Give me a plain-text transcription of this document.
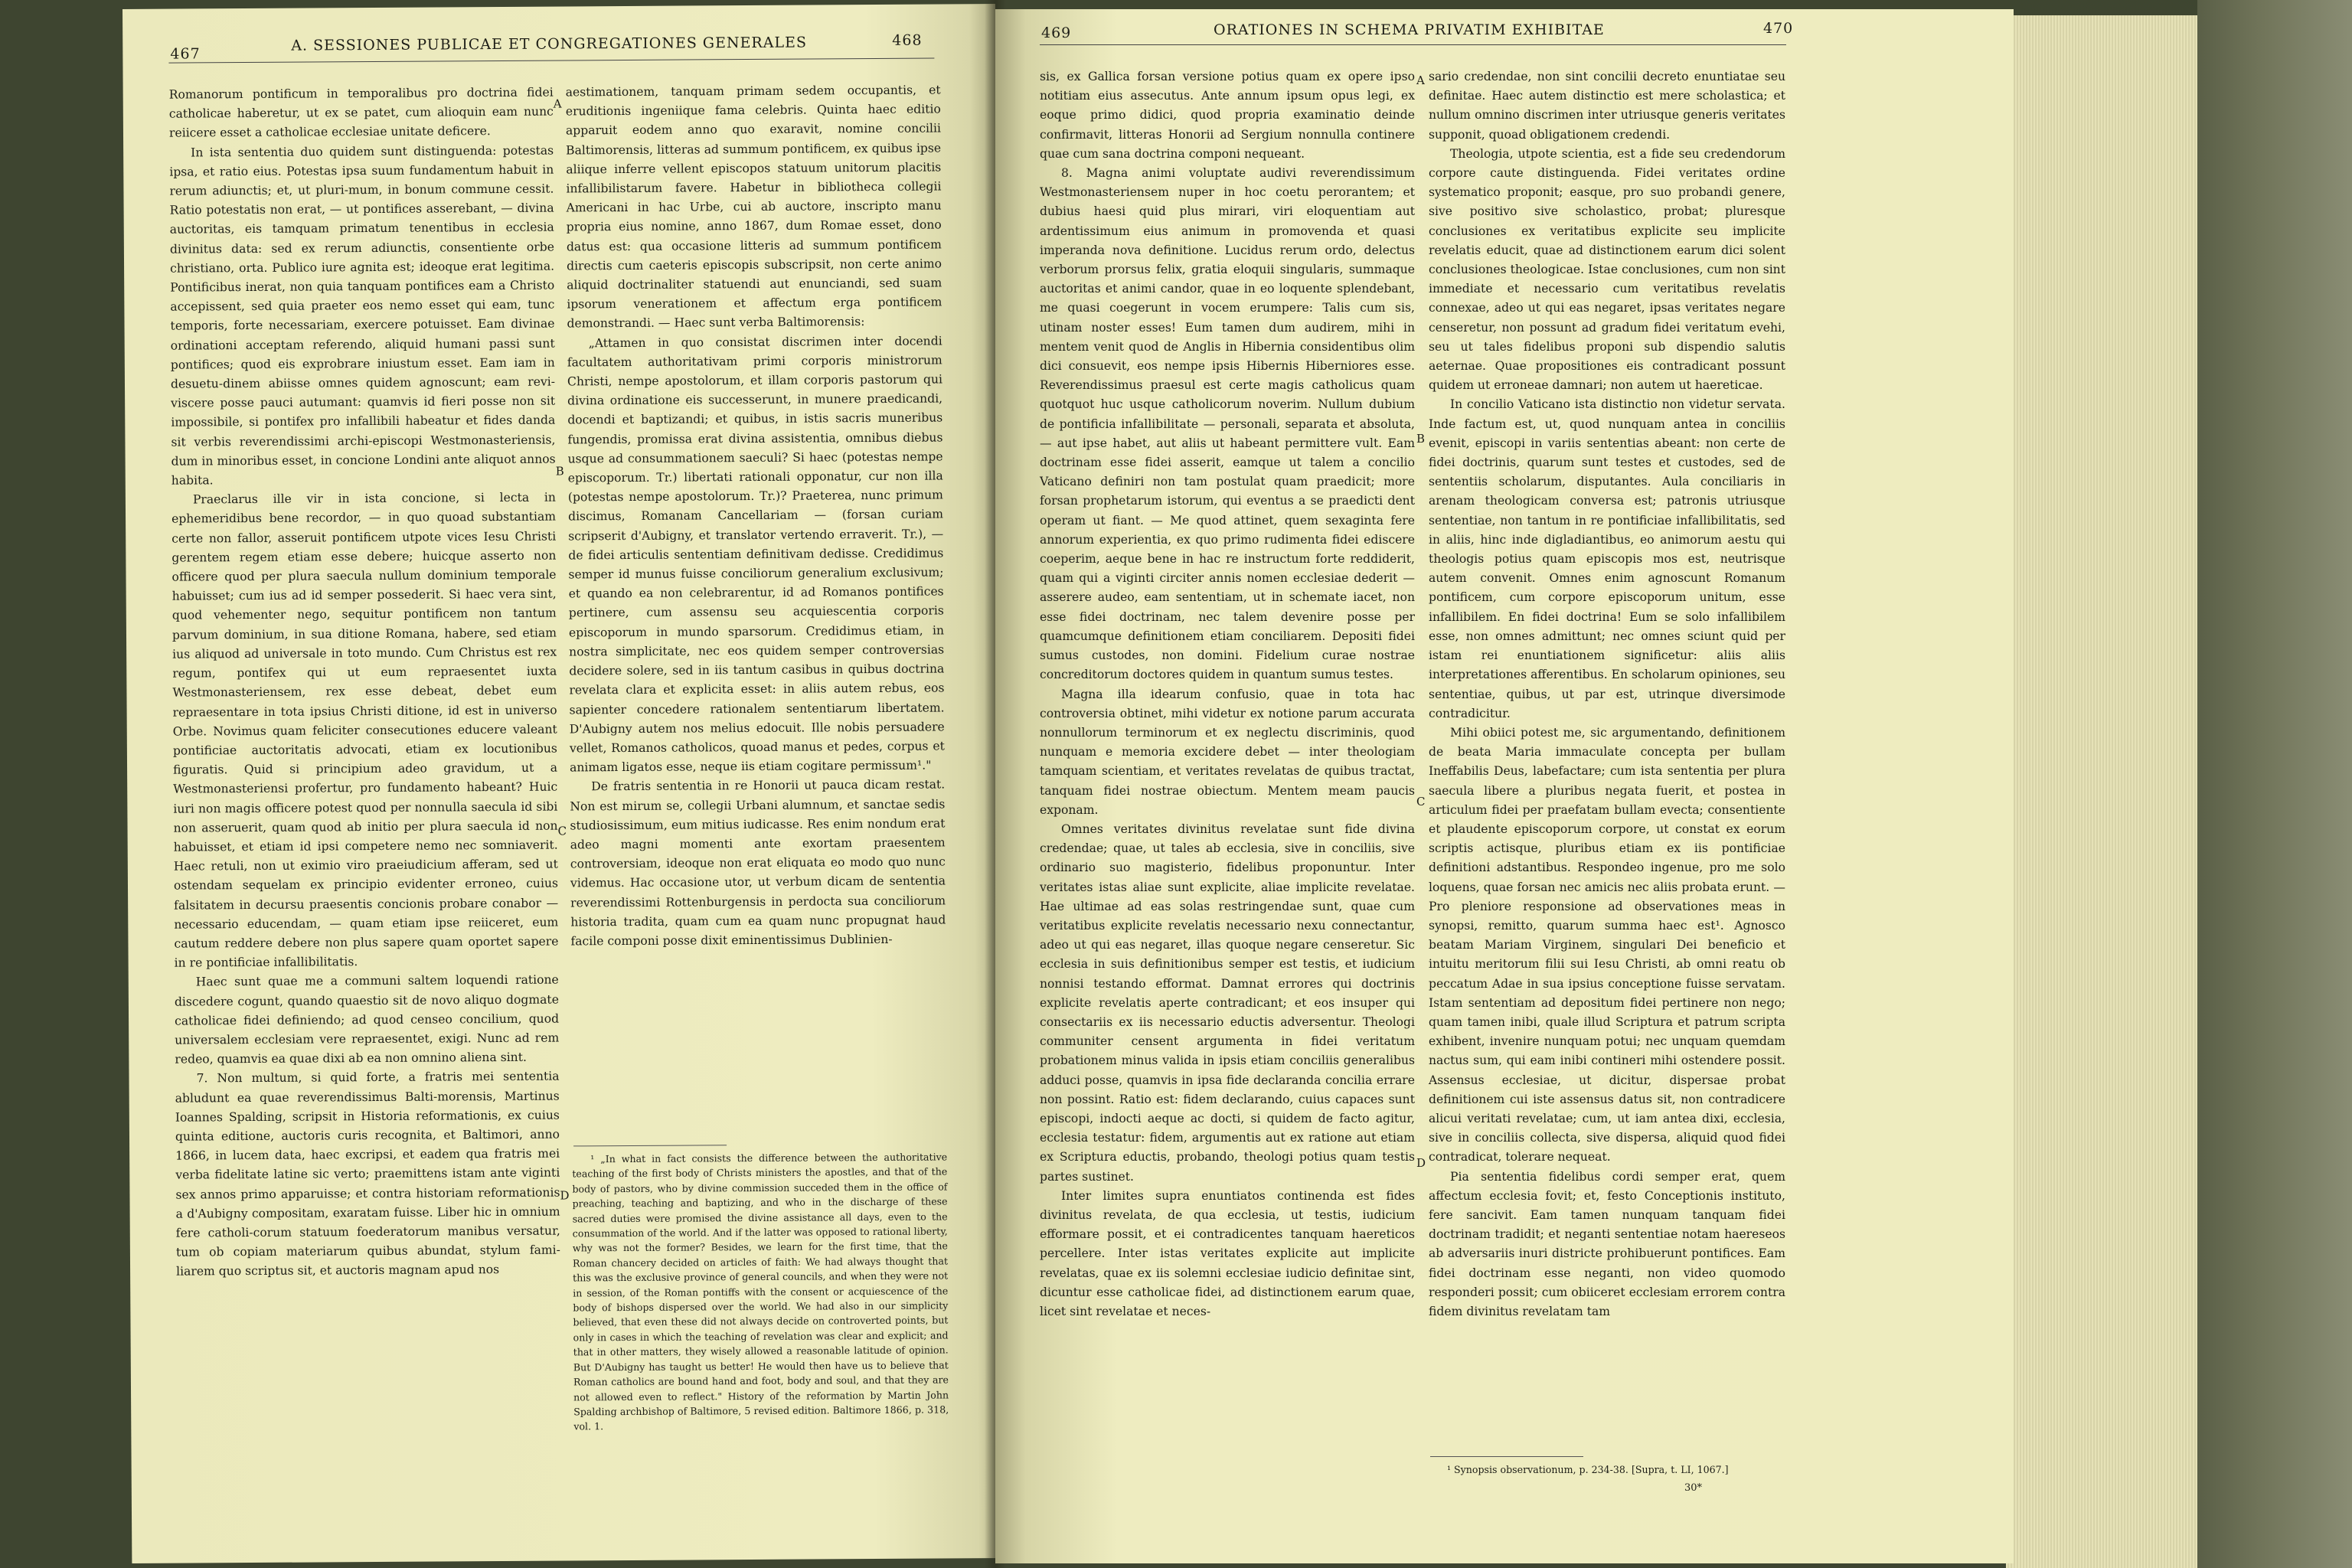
467	A. SESSIONES PUBLICAE ET CONGREGATIONES GENERALES	468

Romanorum pontificum in temporalibus pro doctrina fidei catholicae haberetur, ut ex se patet, cum alioquin eam nunc reiicere esset a catholicae ecclesiae unitate deficere.

In ista sententia duo quidem sunt distinguenda: potestas ipsa, et ratio eius. Potestas ipsa suum fundamentum habuit in rerum adiunctis; et, ut pluri-mum, in bonum commune cessit. Ratio potestatis non erat, — ut pontifices asserebant, — divina auctoritas, eis tamquam primatum tenentibus in ecclesia divinitus data: sed ex rerum adiunctis, consentiente orbe christiano, orta. Publico iure agnita est; ideoque erat legitima. Pontificibus inerat, non quia tanquam pontifices eam a Christo accepissent, sed quia praeter eos nemo esset qui eam, tunc temporis, forte necessariam, exercere potuisset. Eam divinae ordinationi acceptam referendo, aliquid humani passi sunt pontifices; quod eis exprobrare iniustum esset. Eam iam in desuetu-dinem abiisse omnes quidem agnoscunt; eam revi-viscere posse pauci autumant: quamvis id fieri posse non sit impossibile, si pontifex pro infallibili habeatur et fides danda sit verbis reverendissimi archi-episcopi Westmonasteriensis, dum in minoribus esset, in concione Londini ante aliquot annos habita.

Praeclarus ille vir in ista concione, si lecta in ephemeridibus bene recordor, — in quo quoad substantiam certe non fallor, asseruit pontificem utpote vices Iesu Christi gerentem regem etiam esse debere; huicque asserto non officere quod per plura saecula nullum dominium temporale habuisset; cum ius ad id semper possederit. Si haec vera sint, quod vehementer nego, sequitur pontificem non tantum parvum dominium, in sua ditione Romana, habere, sed etiam ius aliquod ad universale in toto mundo. Cum Christus est rex regum, pontifex qui ut eum repraesentet iuxta Westmonasteriensem, rex esse debeat, debet eum repraesentare in tota ipsius Christi ditione, id est in universo Orbe. Novimus quam feliciter consecutiones educere valeant pontificiae auctoritatis advocati, etiam ex locutionibus figuratis. Quid si principium adeo gravidum, ut a Westmonasteriensi profertur, pro fundamento habeant? Huic iuri non magis officere potest quod per nonnulla saecula id sibi non asseruerit, quam quod ab initio per plura saecula id non habuisset, et etiam id ipsi competere nemo nec somniaverit. Haec retuli, non ut eximio viro praeiudicium afferam, sed ut ostendam sequelam ex principio evidenter erroneo, cuius falsitatem in decursu praesentis concionis probare conabor — necessario educendam, — quam etiam ipse reiiceret, eum cautum reddere debere non plus sapere quam oportet sapere in re pontificiae infallibilitatis.

Haec sunt quae me a communi saltem loquendi ratione discedere cogunt, quando quaestio sit de novo aliquo dogmate catholicae fidei definiendo; ad quod censeo concilium, quod universalem ecclesiam vere repraesentet, exigi. Nunc ad rem redeo, quamvis ea quae dixi ab ea non omnino aliena sint.

7. Non multum, si quid forte, a fratris mei sententia abludunt ea quae reverendissimus Balti-morensis, Martinus Ioannes Spalding, scripsit in Historia reformationis, ex cuius quinta editione, auctoris curis recognita, et Baltimori, anno 1866, in lucem data, haec excripsi, et eadem qua fratris mei verba fidelitate latine sic verto; praemittens istam ante viginti sex annos primo apparuisse; et contra historiam reformationis a d'Aubigny compositam, exaratam fuisse. Liber hic in omnium fere catholi-corum statuum foederatorum manibus versatur, tum ob copiam materiarum quibus abundat, stylum fami-liarem quo scriptus sit, et auctoris magnam apud nos

A
B
C
D

aestimationem, tanquam primam sedem occupantis, et eruditionis ingeniique fama celebris. Quinta haec editio apparuit eodem anno quo exaravit, nomine concilii Baltimorensis, litteras ad summum pontificem, ex quibus ipse aliique inferre vellent episcopos statuum unitorum placitis infallibilistarum favere. Habetur in bibliotheca collegii Americani in hac Urbe, cui ab auctore, inscripto manu propria eius nomine, anno 1867, dum Romae esset, dono datus est: qua occasione litteris ad summum pontificem directis cum caeteris episcopis subscripsit, non certe animo aliquid doctrinaliter statuendi aut enunciandi, sed suam ipsorum venerationem et affectum erga pontificem demonstrandi. — Haec sunt verba Baltimorensis:

„Attamen in quo consistat discrimen inter docendi facultatem authoritativam primi corporis ministrorum Christi, nempe apostolorum, et illam corporis pastorum qui divina ordinatione eis successerunt, in munere praedicandi, docendi et baptizandi; et quibus, in istis sacris muneribus fungendis, promissa erat divina assistentia, omnibus diebus usque ad consummationem saeculi? Si haec (potestas nempe episcoporum. Tr.) libertati rationali opponatur, cur non illa (potestas nempe apostolorum. Tr.)? Praeterea, nunc primum discimus, Romanam Cancellariam — (forsan curiam scripserit d'Aubigny, et translator vertendo erraverit. Tr.), — de fidei articulis sententiam definitivam dedisse. Credidimus semper id munus fuisse conciliorum generalium exclusivum; et quando ea non celebrarentur, id ad Romanos pontifices pertinere, cum assensu seu acquiescentia corporis episcoporum in mundo sparsorum. Credidimus etiam, in nostra simplicitate, nec eos quidem semper controversias decidere solere, sed in iis tantum casibus in quibus doctrina revelata clara et explicita esset: in aliis autem rebus, eos sapienter concedere rationalem sententiarum libertatem. D'Aubigny autem nos melius edocuit. Ille nobis persuadere vellet, Romanos catholicos, quoad manus et pedes, corpus et animam ligatos esse, neque iis etiam cogitare permissum¹."

De fratris sententia in re Honorii ut pauca dicam restat. Non est mirum se, collegii Urbani alumnum, et sanctae sedis studiosissimum, eum mitius iudicasse. Res enim nondum erat adeo magni momenti ante exortam praesentem controversiam, ideoque non erat eliquata eo modo quo nunc videmus. Hac occasione utor, ut verbum dicam de sententia reverendissimi Rottenburgensis in perdocta sua conciliorum historia tradita, quam cum ea quam nunc propugnat haud facile componi posse dixit eminentissimus Dublinien-

¹ „In what in fact consists the difference between the authoritative teaching of the first body of Christs ministers the apostles, and that of the body of pastors, who by divine commission succeded them in the office of preaching, teaching and baptizing, and who in the discharge of these sacred duties were promised the divine assistance all days, even to the consummation of the world. And if the latter was opposed to rational liberty, why was not the former? Besides, we learn for the first time, that the Roman chancery decided on articles of faith: We had always thought that this was the exclusive province of general councils, and when they were not in session, of the Roman pontiffs with the consent or acquiescence of the body of bishops dispersed over the world. We had also in our simplicity believed, that even these did not always decide on controverted points, but only in cases in which the teaching of revelation was clear and explicit; and that in other matters, they wisely allowed a reasonable latitude of opinion. But D'Aubigny has taught us better! He would then have us to believe that Roman catholics are bound hand and foot, body and soul, and that they are not allowed even to reflect." History of the reformation by Martin John Spalding archbishop of Baltimore, 5 revised edition. Baltimore 1866, p. 318, vol. 1.

469	ORATIONES IN SCHEMA PRIVATIM EXHIBITAE	470

sis, ex Gallica forsan versione potius quam ex opere ipso notitiam eius assecutus. Ante annum ipsum opus legi, ex eoque primo didici, quod propria examinatio deinde confirmavit, litteras Honorii ad Sergium nonnulla continere quae cum sana doctrina componi nequeant.

8. Magna animi voluptate audivi reverendissimum Westmonasteriensem nuper in hoc coetu perorantem; et dubius haesi quid plus mirari, viri eloquentiam aut ardentissimum eius animum in promovenda et quasi imperanda nova definitione. Lucidus rerum ordo, delectus verborum prorsus felix, gratia eloquii singularis, summaque auctoritas et animi candor, quae in eo loquente splendebant, me quasi coegerunt in vocem erumpere: Talis cum sis, utinam noster esses! Eum tamen dum audirem, mihi in mentem venit quod de Anglis in Hibernia considentibus olim dici consuevit, eos nempe ipsis Hibernis Hiberniores esse. Reverendissimus praesul est certe magis catholicus quam quotquot huc usque catholicorum noverim. Nullum dubium de pontificia infallibilitate — personali, separata et absoluta, — aut ipse habet, aut aliis ut habeant permittere vult. Eam doctrinam esse fidei asserit, eamque ut talem a concilio Vaticano definiri non tam postulat quam praedicit; more forsan prophetarum istorum, qui eventus a se praedicti dent operam ut fiant. — Me quod attinet, quem sexaginta fere annorum experientia, ex quo primo rudimenta fidei ediscere coeperim, aeque bene in hac re instructum forte reddiderit, quam qui a viginti circiter annis nomen ecclesiae dederit — asserere audeo, eam sententiam, ut in schemate iacet, non esse fidei doctrinam, nec talem devenire posse per quamcumque definitionem etiam conciliarem. Depositi fidei sumus custodes, non domini. Fidelium curae nostrae concreditorum doctores quidem in quantum sumus testes.

Magna illa idearum confusio, quae in tota hac controversia obtinet, mihi videtur ex notione parum accurata nonnullorum terminorum et ex neglectu discriminis, quod nunquam e memoria excidere debet — inter theologiam tamquam scientiam, et veritates revelatas de quibus tractat, tanquam fidei nostrae obiectum. Mentem meam paucis exponam.

Omnes veritates divinitus revelatae sunt fide divina credendae; quae, ut tales ab ecclesia, sive in conciliis, sive ordinario suo magisterio, fidelibus proponuntur. Inter veritates istas aliae sunt explicite, aliae implicite revelatae. Hae ultimae ad eas solas restringendae sunt, quae cum veritatibus explicite revelatis necessario nexu connectantur, adeo ut qui eas negaret, illas quoque negare censeretur. Sic ecclesia in suis definitionibus semper est testis, et iudicium nonnisi testando efformat. Damnat errores qui doctrinis explicite revelatis aperte contradicant; et eos insuper qui consectariis ex iis necessario eductis adversentur. Theologi communiter censent argumenta in fidei veritatum probationem minus valida in ipsis etiam conciliis generalibus adduci posse, quamvis in ipsa fide declaranda concilia errare non possint. Ratio est: fidem declarando, cuius capaces sunt episcopi, indocti aeque ac docti, si quidem de facto agitur, ecclesia testatur: fidem, argumentis aut ex ratione aut etiam ex Scriptura eductis, probando, theologi potius quam testis partes sustinet.

Inter limites supra enuntiatos continenda est fides divinitus revelata, de qua ecclesia, ut testis, iudicium efformare possit, et ei contradicentes tanquam haereticos percellere. Inter istas veritates explicite aut implicite revelatas, quae ex iis solemni ecclesiae iudicio definitae sint, dicuntur esse catholicae fidei, ad distinctionem earum quae, licet sint revelatae et neces-

A
B
C
D

sario credendae, non sint concilii decreto enuntiatae seu definitae. Haec autem distinctio est mere scholastica; et nullum omnino discrimen inter utriusque generis veritates supponit, quoad obligationem credendi.

Theologia, utpote scientia, est a fide seu credendorum corpore caute distinguenda. Fidei veritates ordine systematico proponit; easque, pro suo probandi genere, sive positivo sive scholastico, probat; pluresque conclusiones ex veritatibus explicite seu implicite revelatis educit, quae ad distinctionem earum dici solent conclusiones theologicae. Istae conclusiones, cum non sint immediate et necessario cum veritatibus revelatis connexae, adeo ut qui eas negaret, ipsas veritates negare censeretur, non possunt ad gradum fidei veritatum evehi, seu ut tales fidelibus proponi sub dispendio salutis aeternae. Quae propositiones eis contradicant possunt quidem ut erroneae damnari; non autem ut haereticae.

In concilio Vaticano ista distinctio non videtur servata. Inde factum est, ut, quod nunquam antea in conciliis evenit, episcopi in variis sententias abeant: non certe de fidei doctrinis, quarum sunt testes et custodes, sed de sententiis scholarum, disputantes. Aula conciliaris in arenam theologicam conversa est; patronis utriusque sententiae, non tantum in re pontificiae infallibilitatis, sed in aliis, hinc inde digladiantibus, eo animorum aestu qui theologis potius quam episcopis mos est, neutrisque autem convenit. Omnes enim agnoscunt Romanum pontificem, cum corpore episcoporum unitum, esse infallibilem. En fidei doctrina! Eum se solo infallibilem esse, non omnes admittunt; nec omnes sciunt quid per istam rei enuntiationem significetur: aliis aliis interpretationes afferentibus. En scholarum opiniones, seu sententiae, quibus, ut par est, utrinque diversimode contradicitur.

Mihi obiici potest me, sic argumentando, definitionem de beata Maria immaculate concepta per bullam Ineffabilis Deus, labefactare; cum ista sententia per plura saecula libere a pluribus negata fuerit, et postea in articulum fidei per praefatam bullam evecta; consentiente et plaudente episcoporum corpore, ut constat ex eorum scriptis actisque, pluribus etiam ex iis pontificiae definitioni adstantibus. Respondeo ingenue, pro me solo loquens, quae forsan nec amicis nec aliis probata erunt. — Pro pleniore responsione ad observationes meas in synopsi, remitto, quarum summa haec est¹. Agnosco beatam Mariam Virginem, singulari Dei beneficio et intuitu meritorum filii sui Iesu Christi, ab omni reatu ob peccatum Adae in sua ipsius conceptione fuisse servatam. Istam sententiam ad depositum fidei pertinere non nego; quam tamen inibi, quale illud Scriptura et patrum scripta exhibent, invenire nunquam potui; nec unquam quemdam nactus sum, qui eam inibi contineri mihi ostendere possit. Assensus ecclesiae, ut dicitur, dispersae probat definitionem cui iste assensus datus sit, non contradicere alicui veritati revelatae; cum, ut iam antea dixi, ecclesia, sive in conciliis collecta, sive dispersa, aliquid quod fidei contradicat, tolerare nequeat.

Pia sententia fidelibus cordi semper erat, quem affectum ecclesia fovit; et, festo Conceptionis instituto, fere sancivit. Eam tamen nunquam tanquam fidei doctrinam tradidit; et neganti sententiae notam haereseos ab adversariis inuri districte prohibuerunt pontifices. Eam fidei doctrinam esse neganti, non video quomodo responderi possit; cum obiiceret ecclesiam errorem contra fidem divinitus revelatam tam

¹ Synopsis observationum, p. 234-38. [Supra, t. LI, 1067.]

30*
